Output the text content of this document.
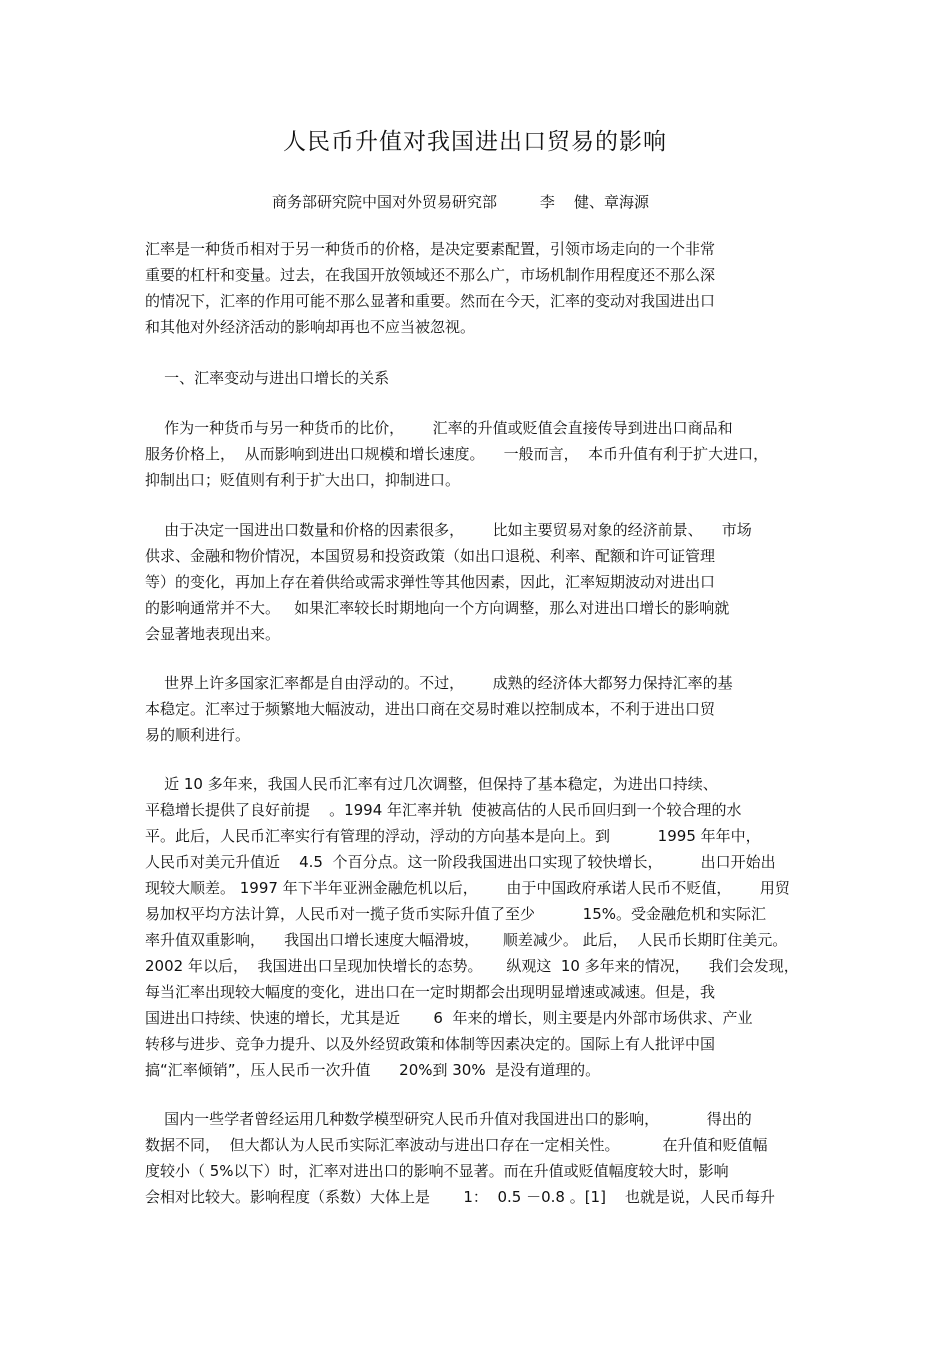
人民币升值对我国进出口贸易的影响

商务部研究院中国对外贸易研究部         李    健、章海源

汇率是一种货币相对于另一种货币的价格，是决定要素配置，引领市场走向的一个非常

重要的杠杆和变量。过去，在我国开放领域还不那么广，市场机制作用程度还不那么深

的情况下，汇率的作用可能不那么显著和重要。然而在今天，汇率的变动对我国进出口

和其他对外经济活动的影响却再也不应当被忽视。

一、汇率变动与进出口增长的关系

作为一种货币与另一种货币的比价，      汇率的升值或贬值会直接传导到进出口商品和

服务价格上，  从而影响到进出口规模和增长速度。    一般而言，  本币升值有利于扩大进口，

抑制出口；贬值则有利于扩大出口，抑制进口。

由于决定一国进出口数量和价格的因素很多，      比如主要贸易对象的经济前景、    市场

供求、金融和物价情况，本国贸易和投资政策（如出口退税、利率、配额和许可证管理

等）的变化，再加上存在着供给或需求弹性等其他因素，因此，汇率短期波动对进出口

的影响通常并不大。   如果汇率较长时期地向一个方向调整，那么对进出口增长的影响就

会显著地表现出来。

世界上许多国家汇率都是自由浮动的。不过，      成熟的经济体大都努力保持汇率的基

本稳定。汇率过于频繁地大幅波动，进出口商在交易时难以控制成本，不利于进出口贸

易的顺利进行。

近 10 多年来，我国人民币汇率有过几次调整，但保持了基本稳定，为进出口持续、

平稳增长提供了良好前提    。1994 年汇率并轨  使被高估的人民币回归到一个较合理的水

平。此后，人民币汇率实行有管理的浮动，浮动的方向基本是向上。到          1995 年年中，

人民币对美元升值近    4.5  个百分点。这一阶段我国进出口实现了较快增长，        出口开始出

现较大顺差。 1997 年下半年亚洲金融危机以后，      由于中国政府承诺人民币不贬值，      用贸

易加权平均方法计算，人民币对一揽子货币实际升值了至少          15%。受金融危机和实际汇

率升值双重影响，    我国出口增长速度大幅滑坡，     顺差减少。 此后，  人民币长期盯住美元。

2002 年以后，  我国进出口呈现加快增长的态势。     纵观这  10 多年来的情况，    我们会发现，

每当汇率出现较大幅度的变化，进出口在一定时期都会出现明显增速或减速。但是，我

国进出口持续、快速的增长，尤其是近       6  年来的增长，则主要是内外部市场供求、产业

转移与进步、竞争力提升、以及外经贸政策和体制等因素决定的。国际上有人批评中国

搞“汇率倾销”，压人民币一次升值      20%到 30%  是没有道理的。

国内一些学者曾经运用几种数学模型研究人民币升值对我国进出口的影响，          得出的

数据不同，  但大都认为人民币实际汇率波动与进出口存在一定相关性。         在升值和贬值幅

度较小（ 5%以下）时，汇率对进出口的影响不显著。而在升值或贬值幅度较大时，影响

会相对比较大。影响程度（系数）大体上是       1：  0.5 －0.8 。[1]    也就是说，人民币每升
